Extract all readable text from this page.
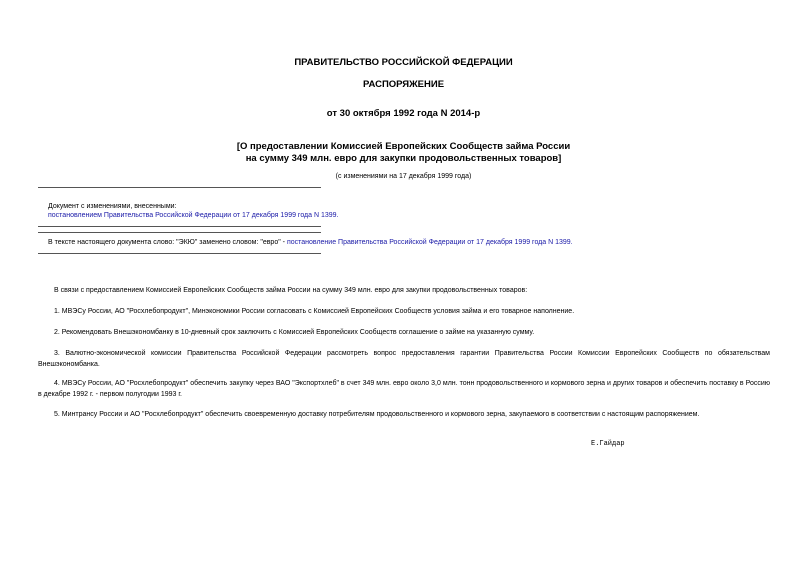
ПРАВИТЕЛЬСТВО РОССИЙСКОЙ ФЕДЕРАЦИИ
РАСПОРЯЖЕНИЕ
от 30 октября 1992 года N 2014-р
[О предоставлении Комиссией Европейских Сообществ займа России
на сумму 349 млн. евро для закупки продовольственных товаров]
(с изменениями на 17 декабря 1999 года)
Документ с изменениями, внесенными:
постановлением Правительства Российской Федерации от 17 декабря 1999 года N 1399.
В тексте настоящего документа слово: "ЭКЮ" заменено словом: "евро" - постановление Правительства Российской Федерации от 17 декабря 1999 года N 1399.
В связи с предоставлением Комиссией Европейских Сообществ займа России на сумму 349 млн. евро для закупки продовольственных товаров:
1. МВЭСу России, АО "Росхлебопродукт", Минэкономики России согласовать с Комиссией Европейских Сообществ условия займа и его товарное наполнение.
2. Рекомендовать Внешэкономбанку в 10-дневный срок заключить с Комиссией Европейских Сообществ соглашение о займе на указанную сумму.
3. Валютно-экономической комиссии Правительства Российской Федерации рассмотреть вопрос предоставления гарантии Правительства России Комиссии Европейских Сообществ по обязательствам Внешэкономбанка.
4. МВЭСу России, АО "Росхлебопродукт" обеспечить закупку через ВАО "Экспортхлеб" в счет 349 млн. евро около 3,0 млн. тонн продовольственного и кормового зерна и других товаров и обеспечить поставку в Россию в декабре 1992 г. - первом полугодии 1993 г.
5. Минтрансу России и АО "Росхлебопродукт" обеспечить своевременную доставку потребителям продовольственного и кормового зерна, закупаемого в соответствии с настоящим распоряжением.
Е.Гайдар
